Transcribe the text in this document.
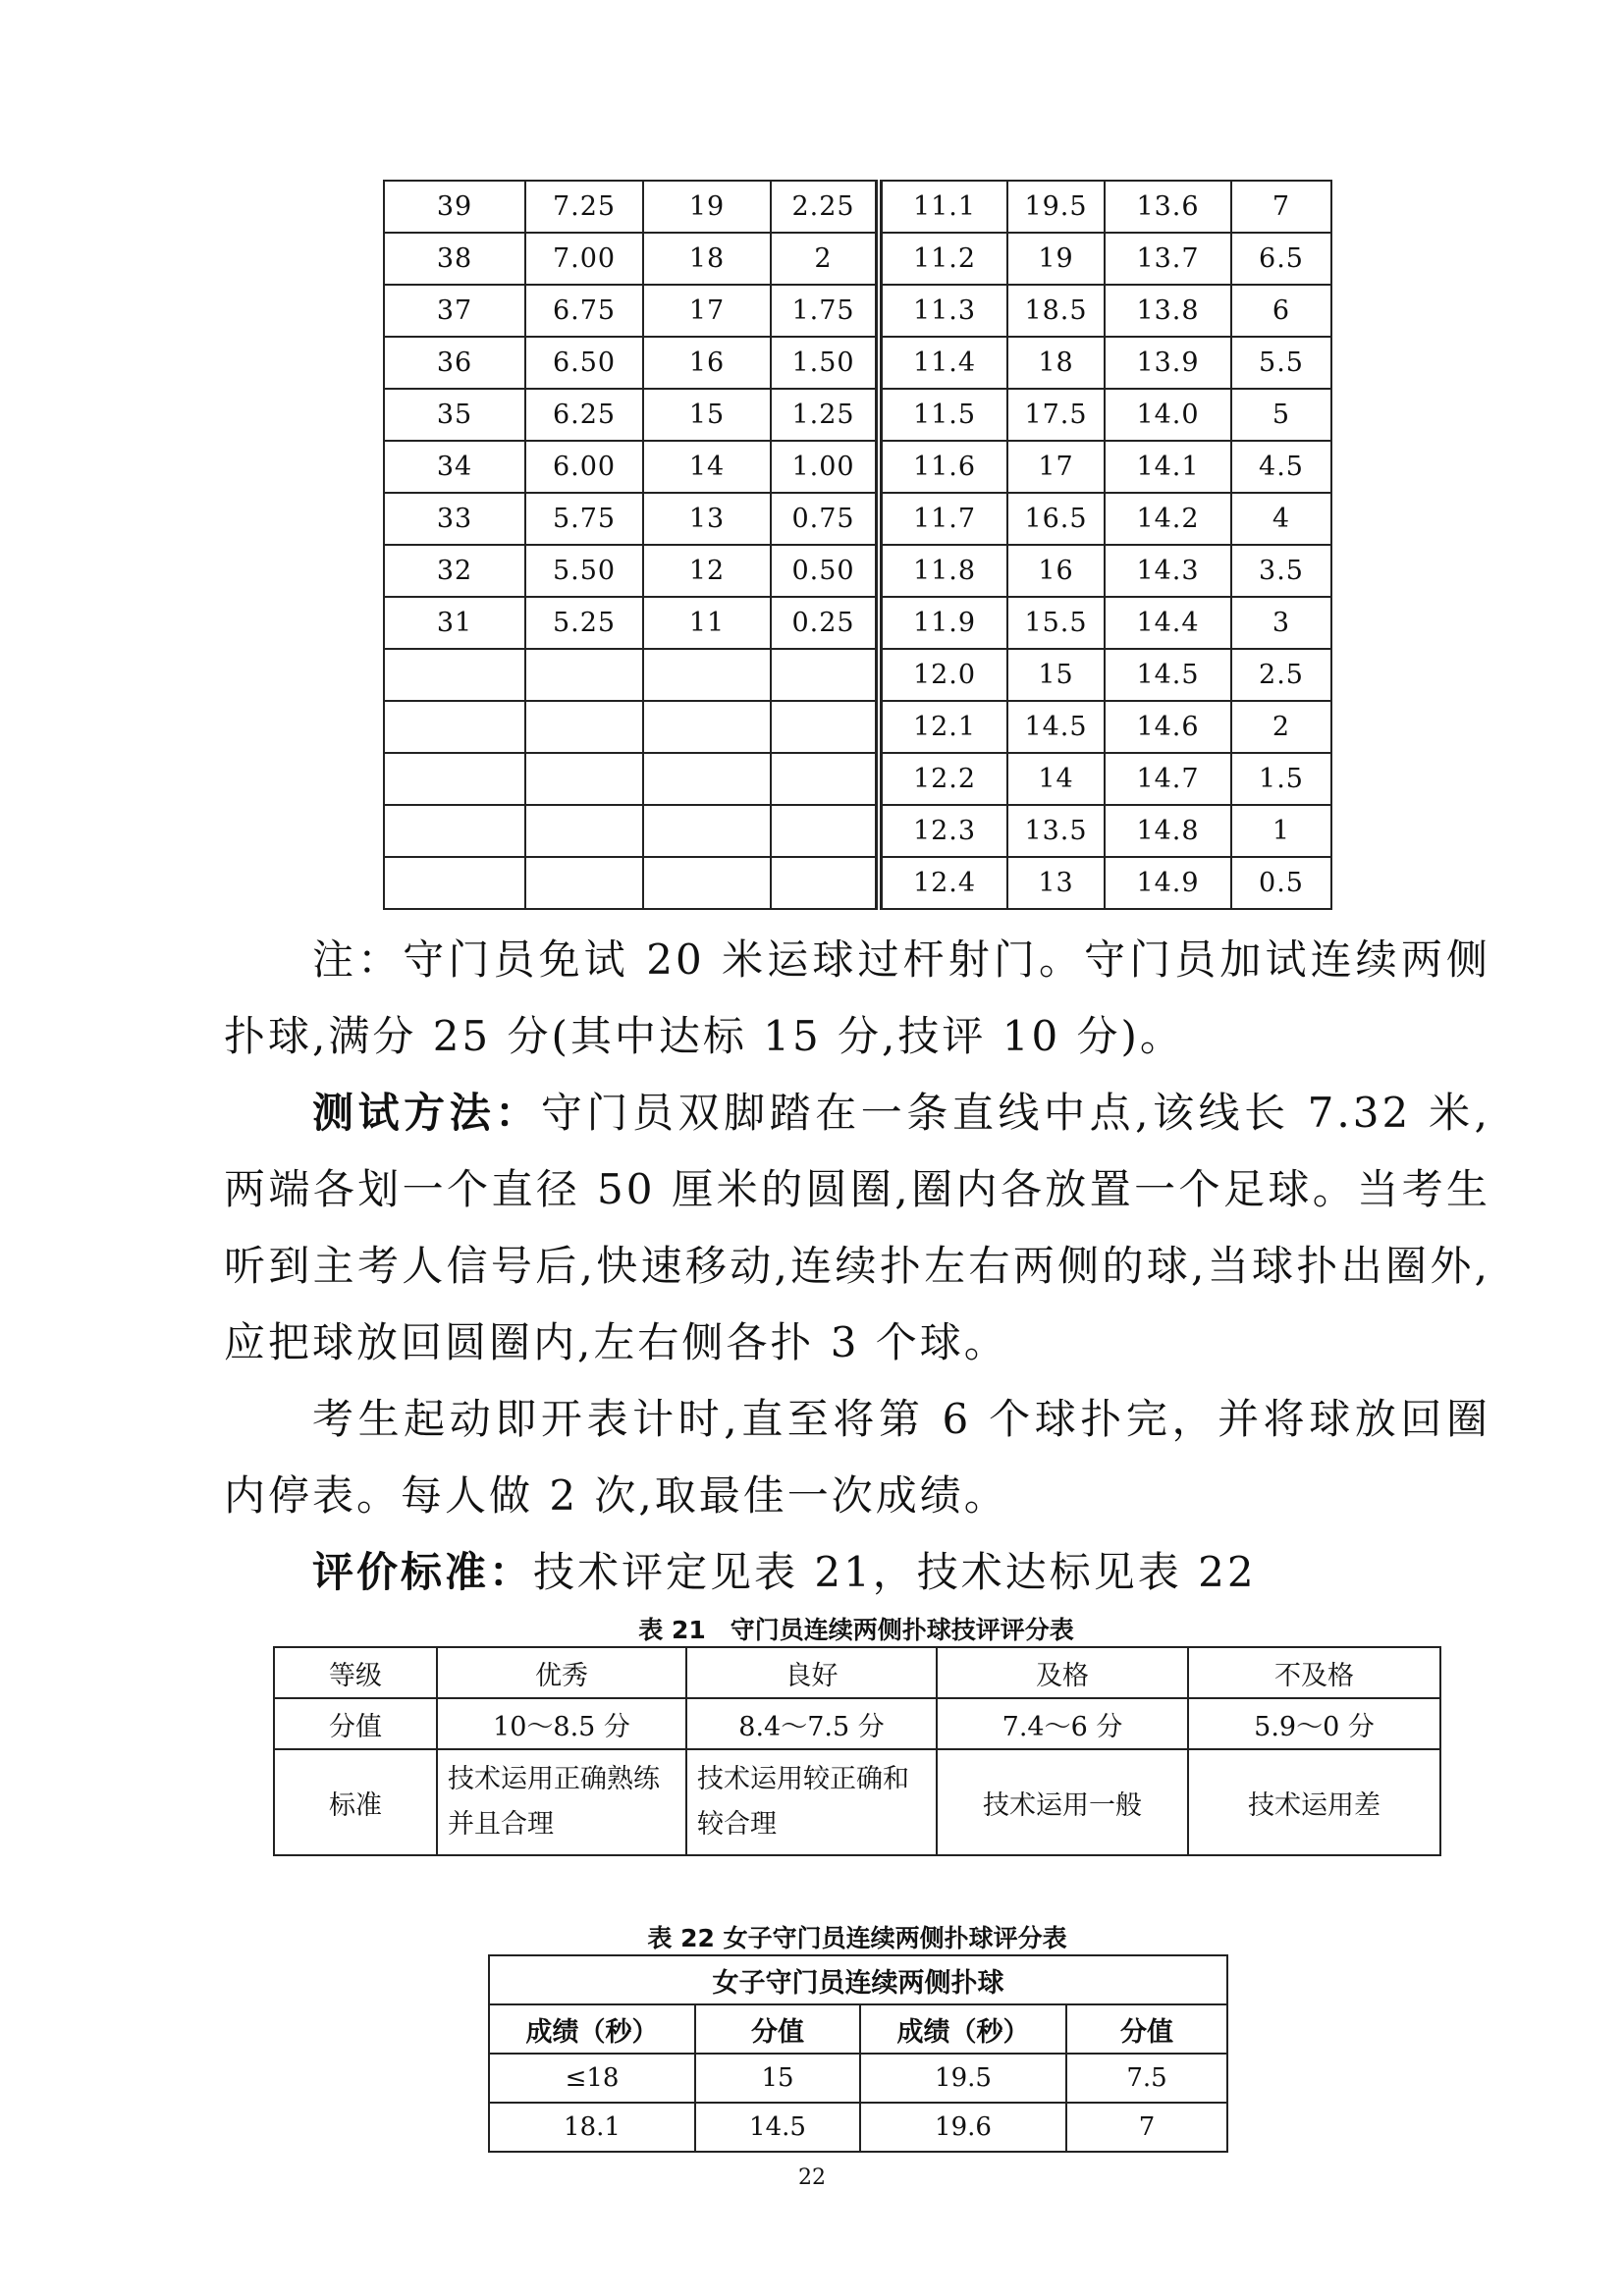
39	7.25	19	2.25	11.1	19.5	13.6	7
38	7.00	18	2	11.2	19	13.7	6.5
37	6.75	17	1.75	11.3	18.5	13.8	6
36	6.50	16	1.50	11.4	18	13.9	5.5
35	6.25	15	1.25	11.5	17.5	14.0	5
34	6.00	14	1.00	11.6	17	14.1	4.5
33	5.75	13	0.75	11.7	16.5	14.2	4
32	5.50	12	0.50	11.8	16	14.3	3.5
31	5.25	11	0.25	11.9	15.5	14.4	3
				12.0	15	14.5	2.5
				12.1	14.5	14.6	2
				12.2	14	14.7	1.5
				12.3	13.5	14.8	1
				12.4	13	14.9	0.5

注：守门员免试 20 米运球过杆射门。守门员加试连续两侧扑球,满分 25 分(其中达标 15 分,技评 10 分)。

测试方法：守门员双脚踏在一条直线中点,该线长 7.32 米,两端各划一个直径 50 厘米的圆圈,圈内各放置一个足球。当考生听到主考人信号后,快速移动,连续扑左右两侧的球,当球扑出圈外,应把球放回圆圈内,左右侧各扑 3 个球。

考生起动即开表计时,直至将第 6 个球扑完，并将球放回圈内停表。每人做 2 次,取最佳一次成绩。

评价标准：技术评定见表 21，技术达标见表 22

表 21　守门员连续两侧扑球技评评分表

等级	优秀	良好	及格	不及格
分值	10～8.5 分	8.4～7.5 分	7.4～6 分	5.9～0 分
标准	技术运用正确熟练并且合理	技术运用较正确和较合理	技术运用一般	技术运用差

表 22 女子守门员连续两侧扑球评分表

女子守门员连续两侧扑球			
成绩（秒）	分值	成绩（秒）	分值
≤18	15	19.5	7.5
18.1	14.5	19.6	7
22
